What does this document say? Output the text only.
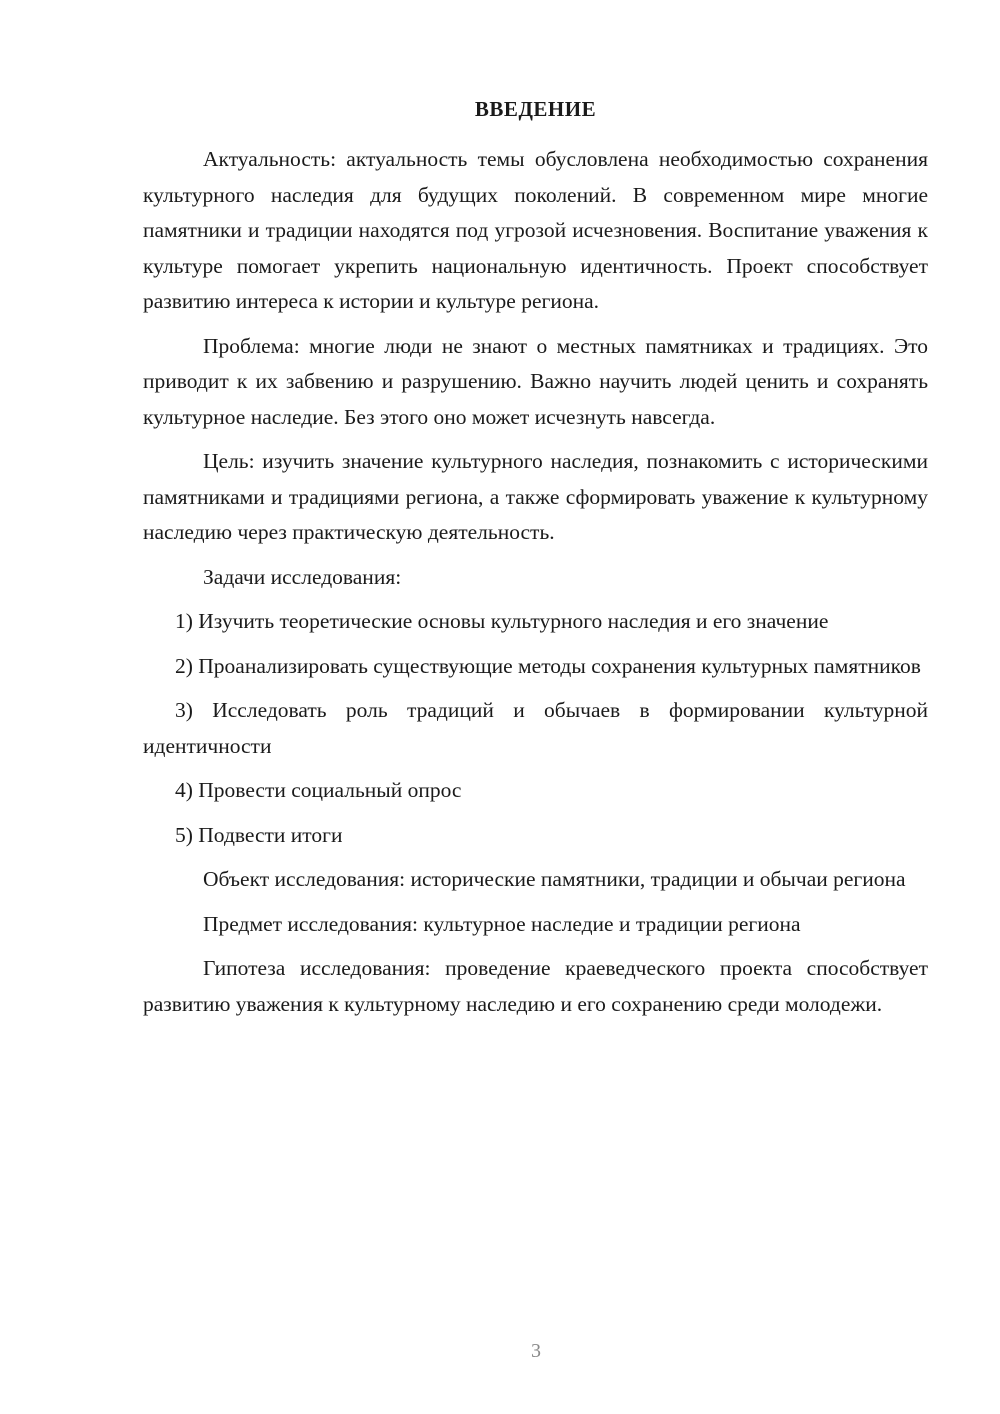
ВВЕДЕНИЕ

Актуальность: актуальность темы обусловлена необходимостью сохранения культурного наследия для будущих поколений. В современном мире многие памятники и традиции находятся под угрозой исчезновения. Воспитание уважения к культуре помогает укрепить национальную идентичность. Проект способствует развитию интереса к истории и культуре региона.

Проблема: многие люди не знают о местных памятниках и традициях. Это приводит к их забвению и разрушению. Важно научить людей ценить и сохранять культурное наследие. Без этого оно может исчезнуть навсегда.

Цель: изучить значение культурного наследия, познакомить с историческими памятниками и традициями региона, а также сформировать уважение к культурному наследию через практическую деятельность.

Задачи исследования:

1) Изучить теоретические основы культурного наследия и его значение

2) Проанализировать существующие методы сохранения культурных памятников

3) Исследовать роль традиций и обычаев в формировании культурной идентичности

4) Провести социальный опрос

5) Подвести итоги

Объект исследования: исторические памятники, традиции и обычаи региона

Предмет исследования: культурное наследие и традиции региона

Гипотеза исследования: проведение краеведческого проекта способствует развитию уважения к культурному наследию и его сохранению среди молодежи.

3
